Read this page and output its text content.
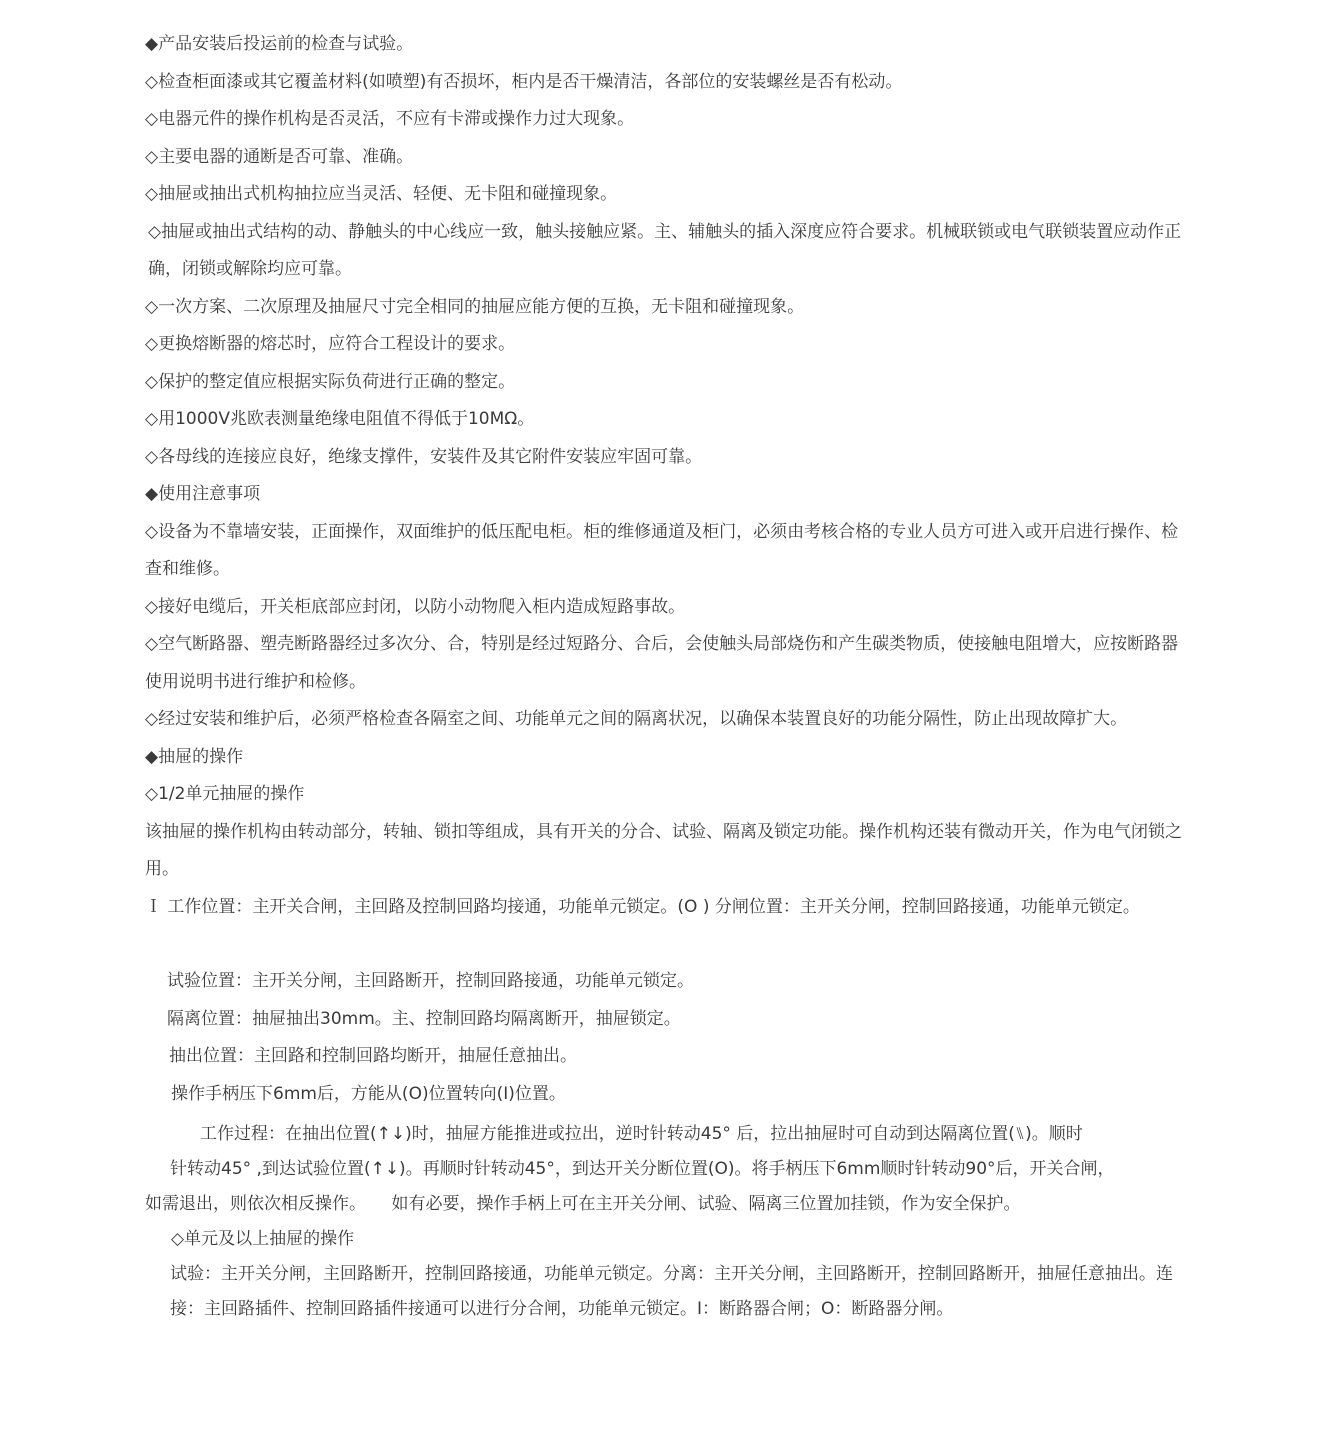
◆产品安装后投运前的检查与试验。

◇检查柜面漆或其它覆盖材料(如喷塑)有否损坏，柜内是否干燥清洁，各部位的安装螺丝是否有松动。

◇电器元件的操作机构是否灵活，不应有卡滞或操作力过大现象。

◇主要电器的通断是否可靠、准确。

◇抽屉或抽出式机构抽拉应当灵活、轻便、无卡阻和碰撞现象。

◇抽屉或抽出式结构的动、静触头的中心线应一致，触头接触应紧。主、辅触头的插入深度应符合要求。机械联锁或电气联锁装置应动作正确，闭锁或解除均应可靠。

◇一次方案、二次原理及抽屉尺寸完全相同的抽屉应能方便的互换，无卡阻和碰撞现象。

◇更换熔断器的熔芯时，应符合工程设计的要求。

◇保护的整定值应根据实际负荷进行正确的整定。

◇用1000V兆欧表测量绝缘电阻值不得低于10MΩ。

◇各母线的连接应良好，绝缘支撑件，安装件及其它附件安装应牢固可靠。

◆使用注意事项

◇设备为不靠墙安装，正面操作，双面维护的低压配电柜。柜的维修通道及柜门，必须由考核合格的专业人员方可进入或开启进行操作、检查和维修。

◇接好电缆后，开关柜底部应封闭，以防小动物爬入柜内造成短路事故。

◇空气断路器、塑壳断路器经过多次分、合，特别是经过短路分、合后，会使触头局部烧伤和产生碳类物质，使接触电阻增大，应按断路器使用说明书进行维护和检修。

◇经过安装和维护后，必须严格检查各隔室之间、功能单元之间的隔离状况，以确保本装置良好的功能分隔性，防止出现故障扩大。

◆抽屉的操作

◇1/2单元抽屉的操作

该抽屉的操作机构由转动部分，转轴、锁扣等组成，具有开关的分合、试验、隔离及锁定功能。操作机构还装有微动开关，作为电气闭锁之用。

Ｉ 工作位置：主开关合闸，主回路及控制回路均接通，功能单元锁定。(O ) 分闸位置：主开关分闸，控制回路接通，功能单元锁定。

试验位置：主开关分闸，主回路断开，控制回路接通，功能单元锁定。

隔离位置：抽屉抽出30mm。主、控制回路均隔离断开，抽屉锁定。

抽出位置：主回路和控制回路均断开，抽屉任意抽出。

操作手柄压下6mm后，方能从(O)位置转向(I)位置。

工作过程：在抽出位置(↑↓)时，抽屉方能推进或拉出，逆时针转动45° 后，拉出抽屉时可自动到达隔离位置(⑊)。顺时

针转动45° ,到达试验位置(↑↓)。再顺时针转动45°，到达开关分断位置(O)。将手柄压下6mm顺时针转动90°后，开关合闸，

如需退出，则依次相反操作。　　如有必要，操作手柄上可在主开关分闸、试验、隔离三位置加挂锁，作为安全保护。

◇单元及以上抽屉的操作

试验：主开关分闸，主回路断开，控制回路接通，功能单元锁定。分离：主开关分闸，主回路断开，控制回路断开，抽屉任意抽出。连接：主回路插件、控制回路插件接通可以进行分合闸，功能单元锁定。I：断路器合闸；O：断路器分闸。
